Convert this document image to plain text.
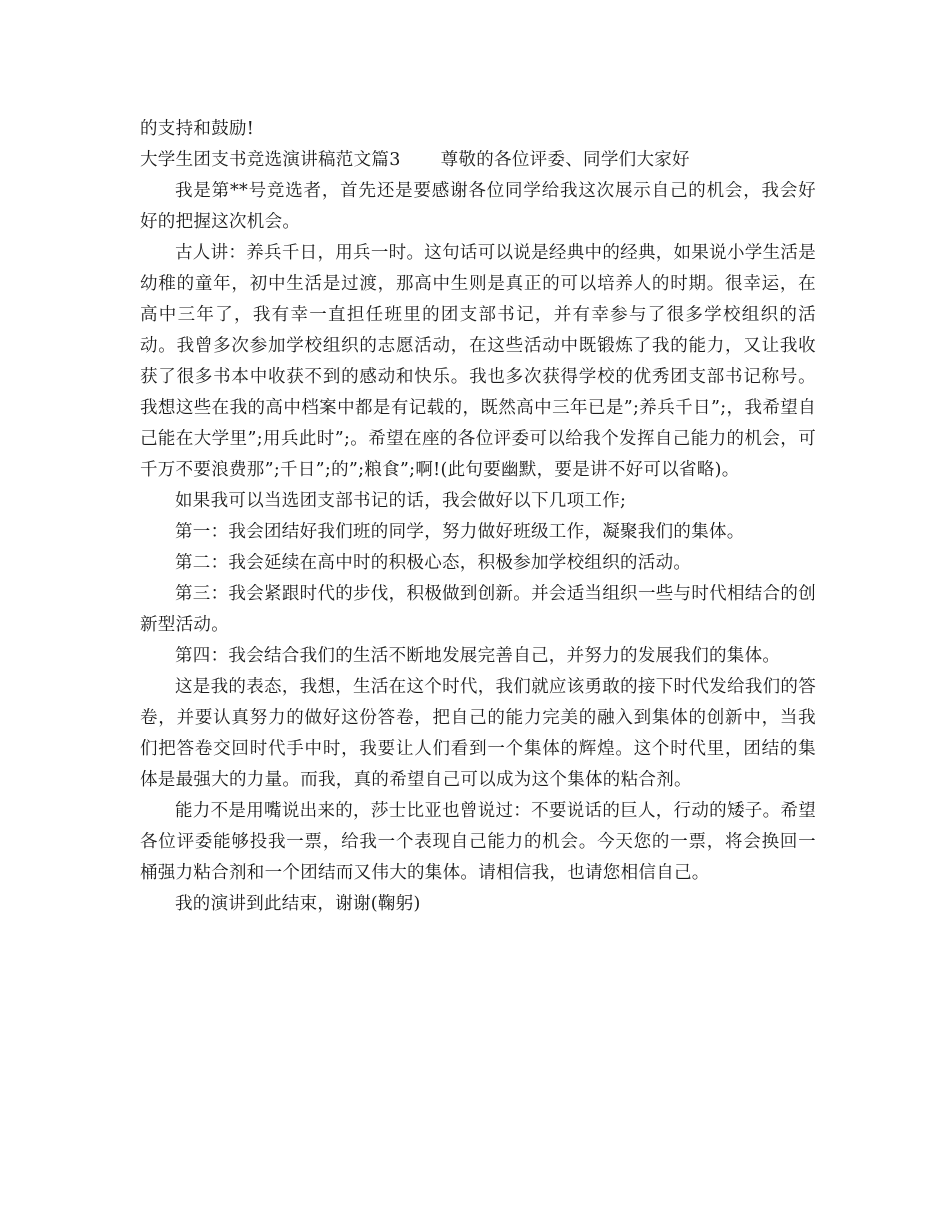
的支持和鼓励!

大学生团支书竞选演讲稿范文篇3 尊敬的各位评委、同学们大家好

我是第**号竞选者，首先还是要感谢各位同学给我这次展示自己的机会，我会好好的把握这次机会。

古人讲：养兵千日，用兵一时。这句话可以说是经典中的经典，如果说小学生活是幼稚的童年，初中生活是过渡，那高中生则是真正的可以培养人的时期。很幸运，在高中三年了，我有幸一直担任班里的团支部书记，并有幸参与了很多学校组织的活动。我曾多次参加学校组织的志愿活动，在这些活动中既锻炼了我的能力，又让我收获了很多书本中收获不到的感动和快乐。我也多次获得学校的优秀团支部书记称号。我想这些在我的高中档案中都是有记载的，既然高中三年已是”;养兵千日”;，我希望自己能在大学里”;用兵此时”;。希望在座的各位评委可以给我个发挥自己能力的机会，可千万不要浪费那”;千日”;的”;粮食”;啊!(此句要幽默，要是讲不好可以省略)。

如果我可以当选团支部书记的话，我会做好以下几项工作;

第一：我会团结好我们班的同学，努力做好班级工作，凝聚我们的集体。

第二：我会延续在高中时的积极心态，积极参加学校组织的活动。

第三：我会紧跟时代的步伐，积极做到创新。并会适当组织一些与时代相结合的创新型活动。

第四：我会结合我们的生活不断地发展完善自己，并努力的发展我们的集体。

这是我的表态，我想，生活在这个时代，我们就应该勇敢的接下时代发给我们的答卷，并要认真努力的做好这份答卷，把自己的能力完美的融入到集体的创新中，当我们把答卷交回时代手中时，我要让人们看到一个集体的辉煌。这个时代里，团结的集体是最强大的力量。而我，真的希望自己可以成为这个集体的粘合剂。

能力不是用嘴说出来的，莎士比亚也曾说过：不要说话的巨人，行动的矮子。希望各位评委能够投我一票，给我一个表现自己能力的机会。今天您的一票，将会换回一桶强力粘合剂和一个团结而又伟大的集体。请相信我，也请您相信自己。

我的演讲到此结束，谢谢(鞠躬)
